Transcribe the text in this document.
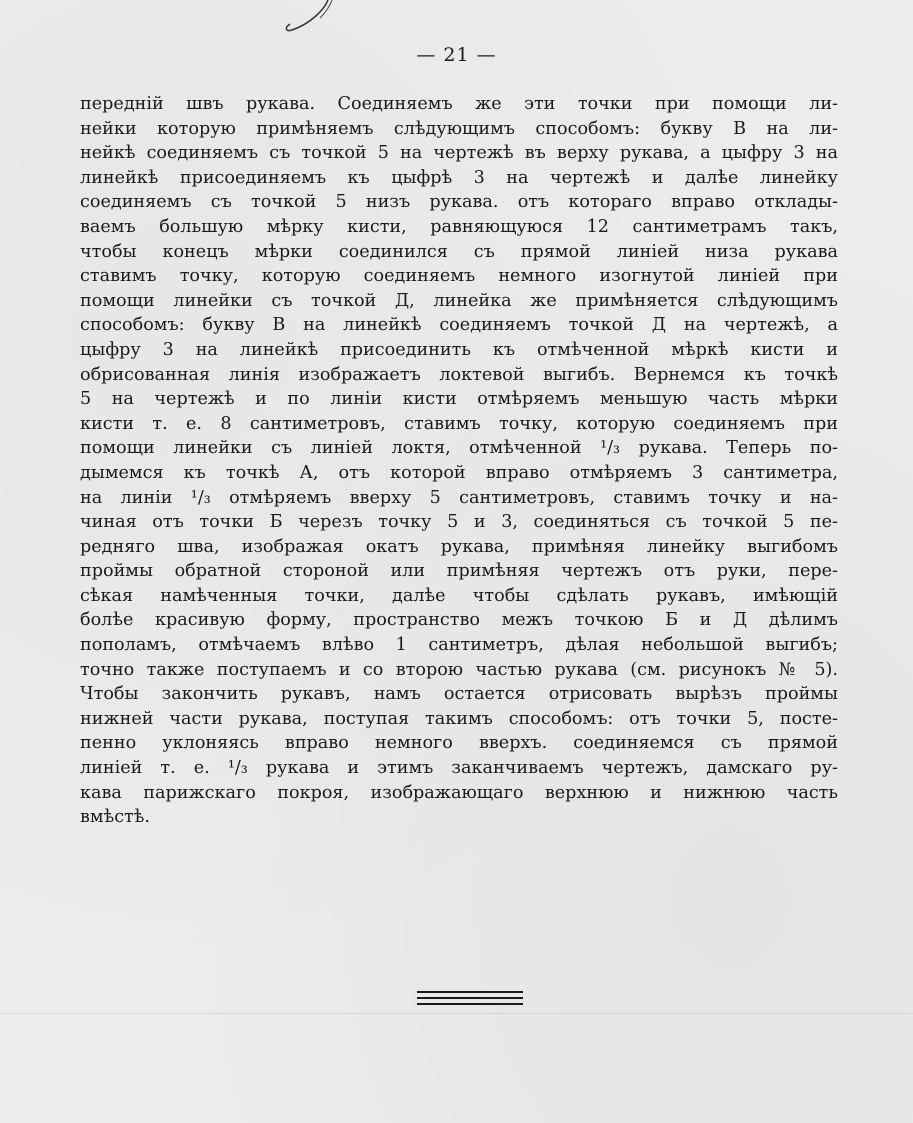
— 21 —
передній швъ рукава. Соединяемъ же эти точки при помощи ли-
нейки которую примѣняемъ слѣдующимъ способомъ: букву В на ли-
нейкѣ соединяемъ съ точкой 5 на чертежѣ въ верху рукава, а цыфру 3 на
линейкѣ присоединяемъ къ цыфрѣ 3 на чертежѣ и далѣе линейку
соединяемъ съ точкой 5 низъ рукава. отъ котораго вправо отклады-
ваемъ большую мѣрку кисти, равняющуюся 12 сантиметрамъ такъ,
чтобы конецъ мѣрки соединился съ прямой линіей низа рукава
ставимъ точку, которую соединяемъ немного изогнутой линіей при
помощи линейки съ точкой Д, линейка же примѣняется слѣдующимъ
способомъ: букву В на линейкѣ соединяемъ точкой Д на чертежѣ, а
цыфру 3 на линейкѣ присоединить къ отмѣченной мѣркѣ кисти и
обрисованная линія изображаетъ локтевой выгибъ. Вернемся къ точкѣ
5 на чертежѣ и по линіи кисти отмѣряемъ меньшую часть мѣрки
кисти т. е. 8 сантиметровъ, ставимъ точку, которую соединяемъ при
помощи линейки съ линіей локтя, отмѣченной ¹/₃ рукава. Теперь по-
дымемся къ точкѣ А, отъ которой вправо отмѣряемъ 3 сантиметра,
на линіи ¹/₃ отмѣряемъ вверху 5 сантиметровъ, ставимъ точку и на-
чиная отъ точки Б черезъ точку 5 и 3, соединяться съ точкой 5 пе-
редняго шва, изображая окатъ рукава, примѣняя линейку выгибомъ
проймы обратной стороной или примѣняя чертежъ отъ руки, пере-
сѣкая намѣченныя точки, далѣе чтобы сдѣлать рукавъ, имѣющій
болѣе красивую форму, пространство межъ точкою Б и Д дѣлимъ
пополамъ, отмѣчаемъ влѣво 1 сантиметръ, дѣлая небольшой выгибъ;
точно также поступаемъ и со второю частью рукава (см. рисунокъ № 5).
Чтобы закончить рукавъ, намъ остается отрисовать вырѣзъ проймы
нижней части рукава, поступая такимъ способомъ: отъ точки 5, посте-
пенно уклоняясь вправо немного вверхъ. соединяемся съ прямой
линіей т. е. ¹/₃ рукава и этимъ заканчиваемъ чертежъ, дамскаго ру-
кава парижскаго покроя, изображающаго верхнюю и нижнюю часть
вмѣстѣ.
